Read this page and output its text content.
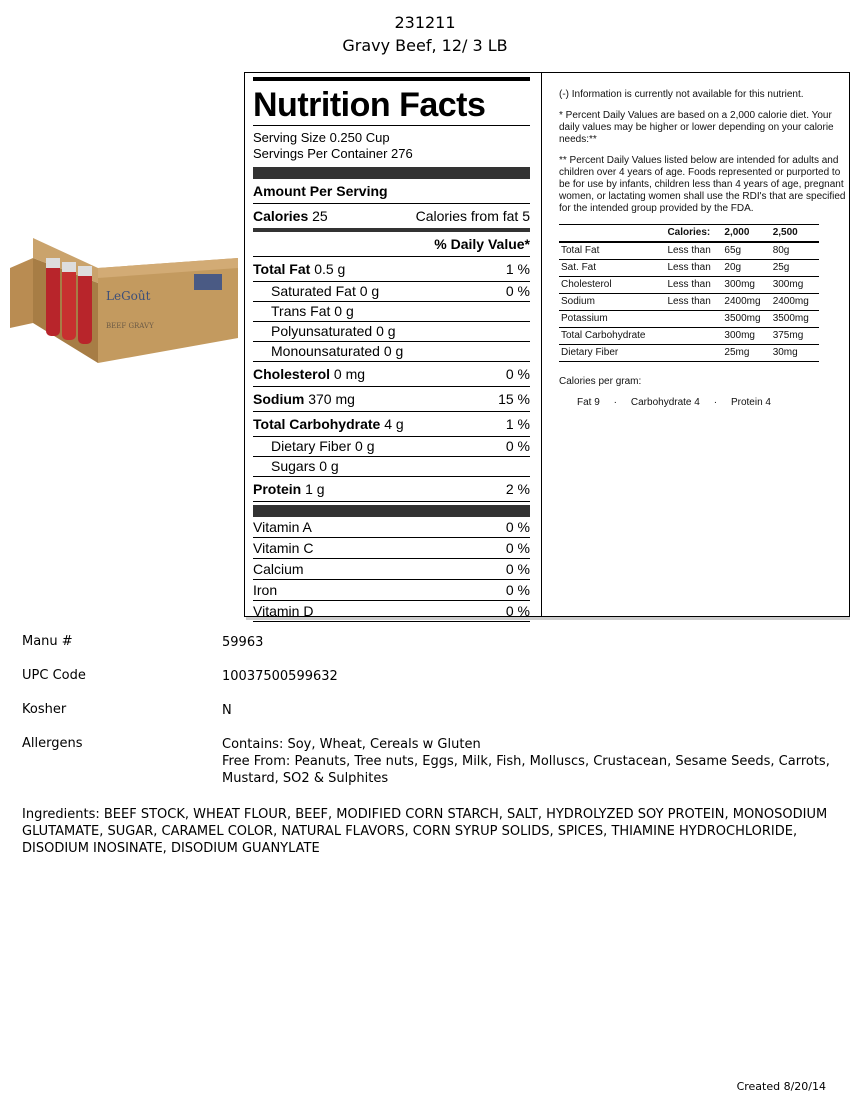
231211
Gravy Beef, 12/ 3 LB
LeGoût
BEEF GRAVY
Nutrition Facts
Serving Size 0.250 Cup
Servings Per Container 276
Amount Per Serving
Calories 25	Calories from fat 5
% Daily Value*
Total Fat 0.5 g	1 %
Saturated Fat 0 g	0 %
Trans Fat 0 g
Polyunsaturated 0 g
Monounsaturated 0 g
Cholesterol 0 mg	0 %
Sodium 370 mg	15 %
Total Carbohydrate 4 g	1 %
Dietary Fiber 0 g	0 %
Sugars 0 g
Protein 1 g	2 %
Vitamin A	0 %
Vitamin C	0 %
Calcium	0 %
Iron	0 %
Vitamin D	0 %

(-) Information is currently not available for this nutrient.

* Percent Daily Values are based on a 2,000 calorie diet. Your daily values may be higher or lower depending on your calorie needs:**

** Percent Daily Values listed below are intended for adults and children over 4 years of age. Foods represented or purported to be for use by infants, children less than 4 years of age, pregnant women, or lactating women shall use the RDI's that are specified for the intended group provided by the FDA.

	Calories:	2,000	2,500
Total Fat	Less than	65g	80g
Sat. Fat	Less than	20g	25g
Cholesterol	Less than	300mg	300mg
Sodium	Less than	2400mg	2400mg
Potassium		3500mg	3500mg
Total Carbohydrate		300mg	375mg
Dietary Fiber		25mg	30mg

Calories per gram:

Fat 9     ·     Carbohydrate 4     ·     Protein 4

Manu #	59963
UPC Code	10037500599632
Kosher	N
Allergens	Contains: Soy, Wheat, Cereals w Gluten
Free From: Peanuts, Tree nuts, Eggs, Milk, Fish, Molluscs, Crustacean, Sesame Seeds, Carrots, Mustard, SO2 & Sulphites
Ingredients: BEEF STOCK, WHEAT FLOUR, BEEF, MODIFIED CORN STARCH, SALT, HYDROLYZED SOY PROTEIN, MONOSODIUM GLUTAMATE, SUGAR, CARAMEL COLOR, NATURAL FLAVORS, CORN SYRUP SOLIDS, SPICES, THIAMINE HYDROCHLORIDE, DISODIUM INOSINATE, DISODIUM GUANYLATE
Created 8/20/14
